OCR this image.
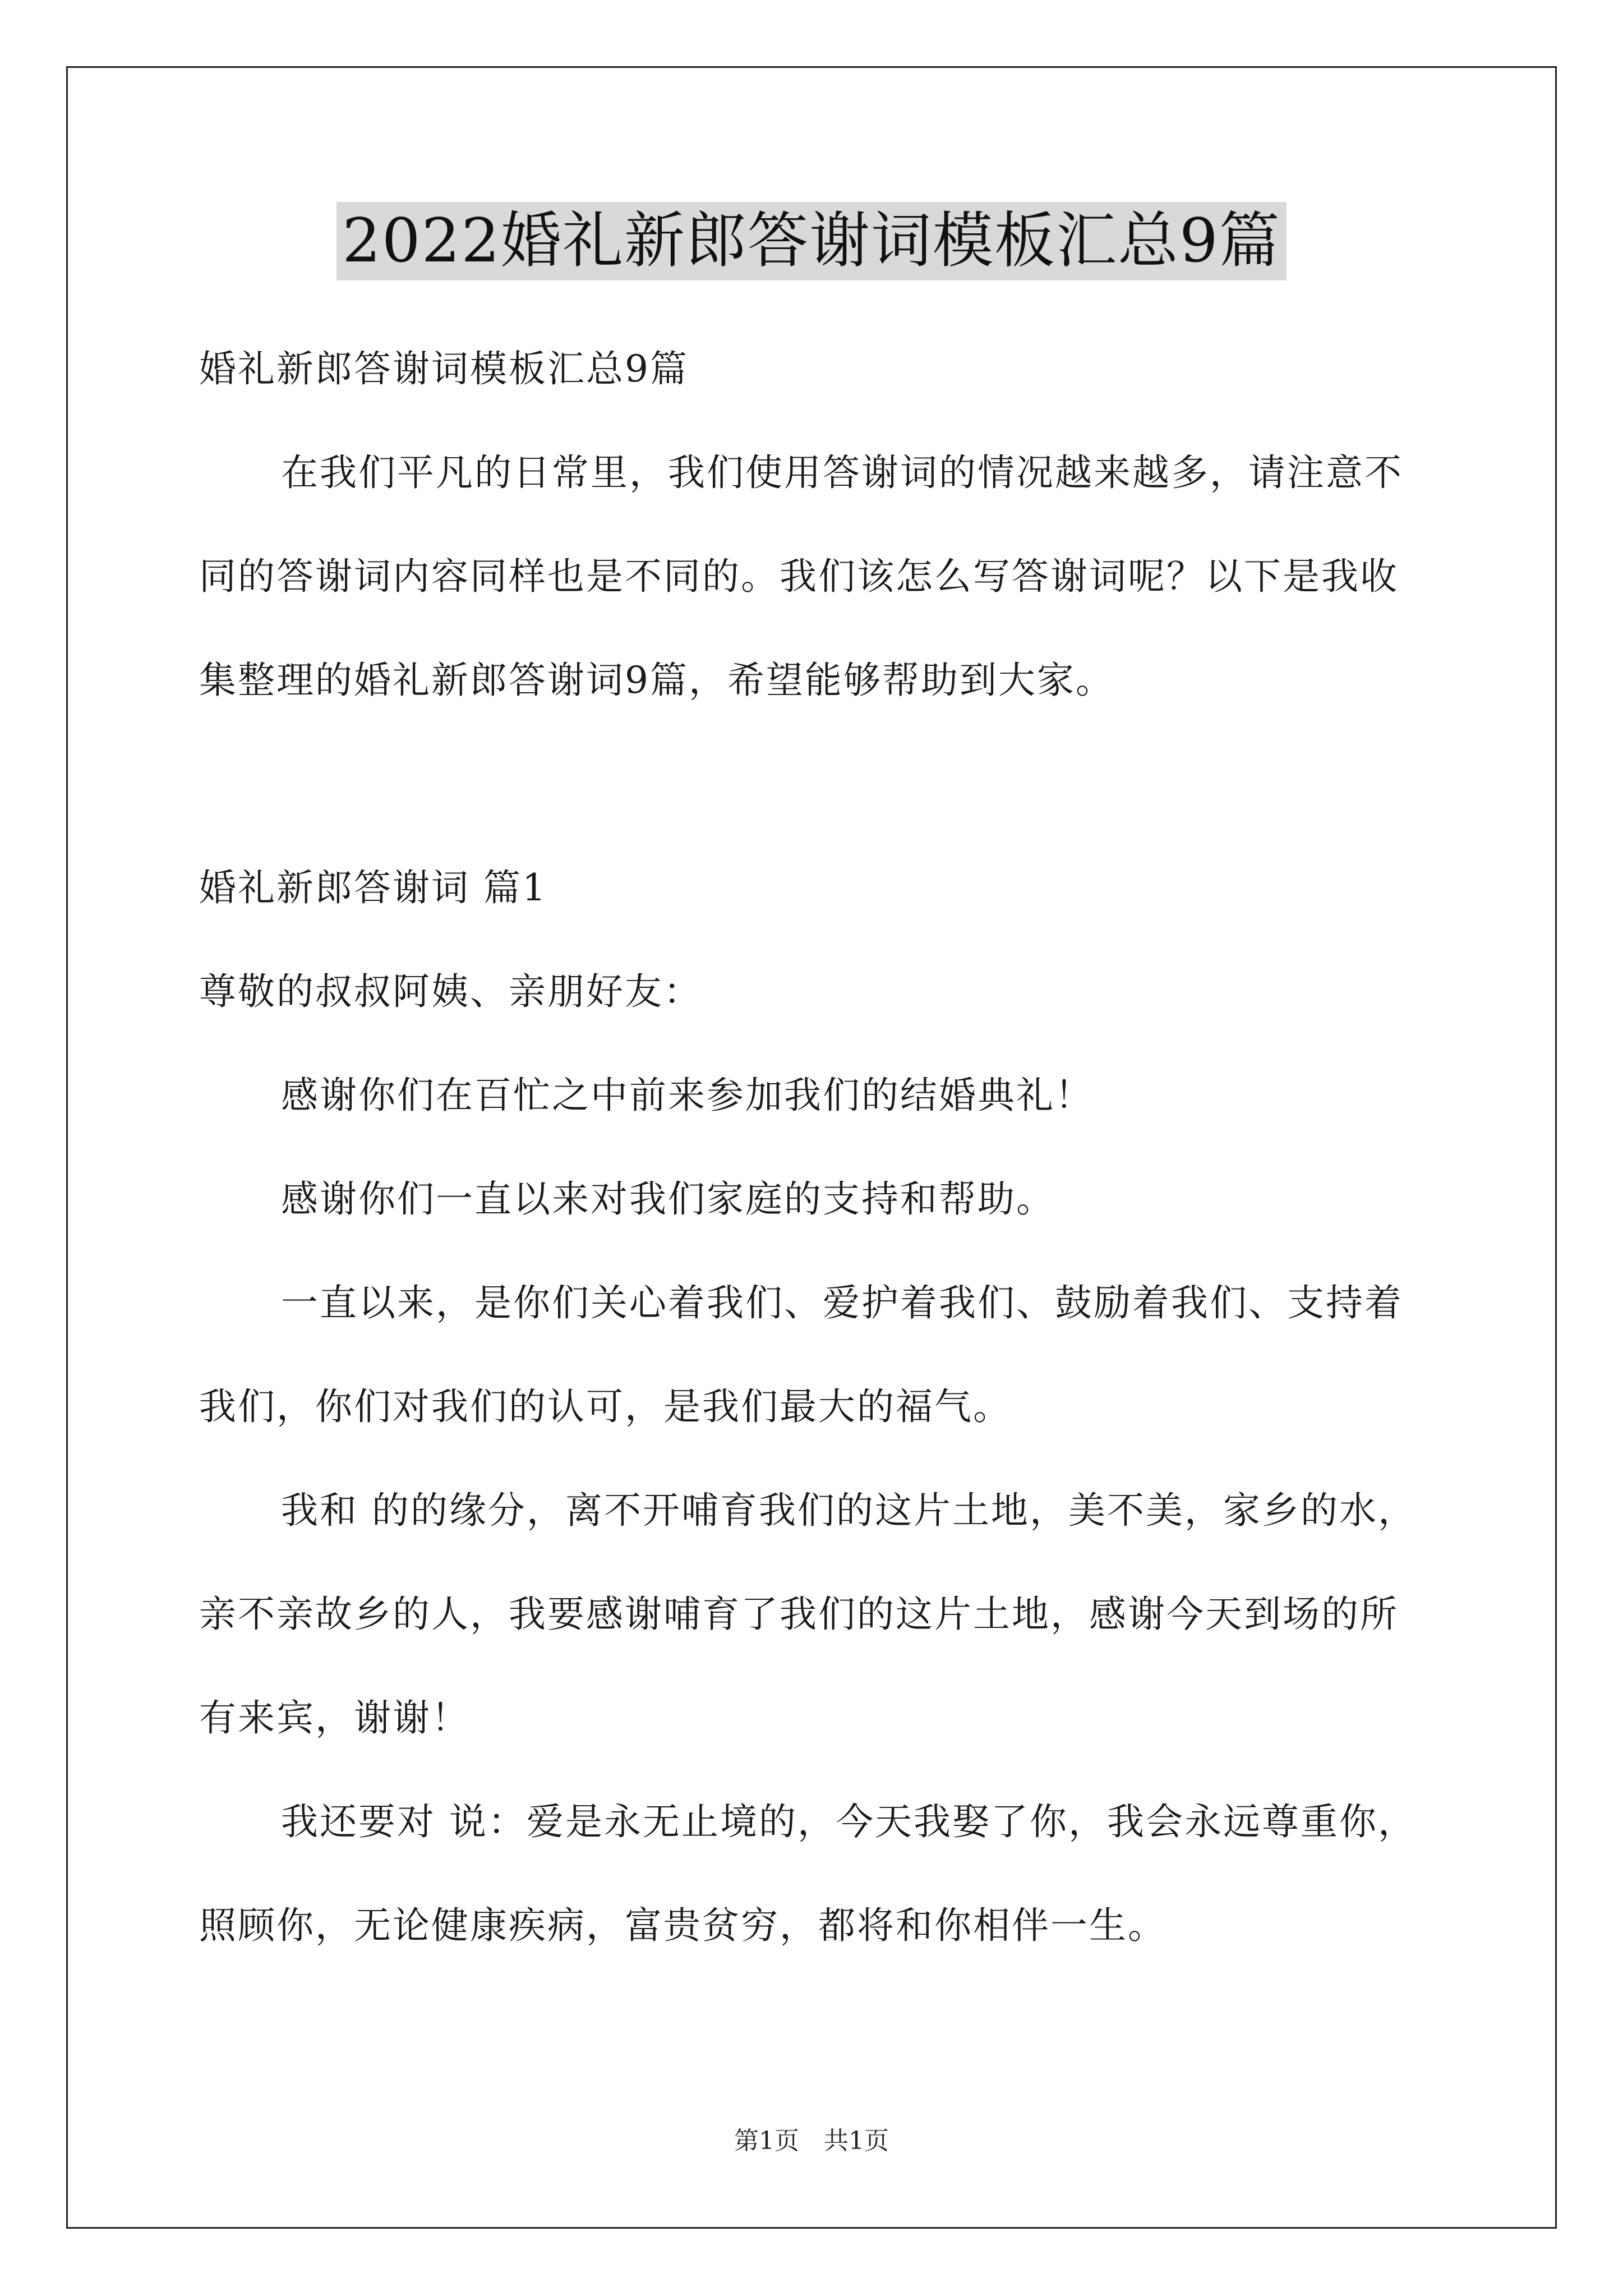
2022婚礼新郎答谢词模板汇总9篇

婚礼新郎答谢词模板汇总9篇

在我们平凡的日常里，我们使用答谢词的情况越来越多，请注意不同的答谢词内容同样也是不同的。我们该怎么写答谢词呢？以下是我收集整理的婚礼新郎答谢词9篇，希望能够帮助到大家。

婚礼新郎答谢词 篇1

尊敬的叔叔阿姨、亲朋好友：

感谢你们在百忙之中前来参加我们的结婚典礼！

感谢你们一直以来对我们家庭的支持和帮助。

一直以来，是你们关心着我们、爱护着我们、鼓励着我们、支持着我们，你们对我们的认可，是我们最大的福气。

我和 的的缘分，离不开哺育我们的这片土地，美不美，家乡的水，亲不亲故乡的人，我要感谢哺育了我们的这片土地，感谢今天到场的所有来宾，谢谢！

我还要对 说：爱是永无止境的，今天我娶了你，我会永远尊重你，照顾你，无论健康疾病，富贵贫穷，都将和你相伴一生。

第1页　共1页
